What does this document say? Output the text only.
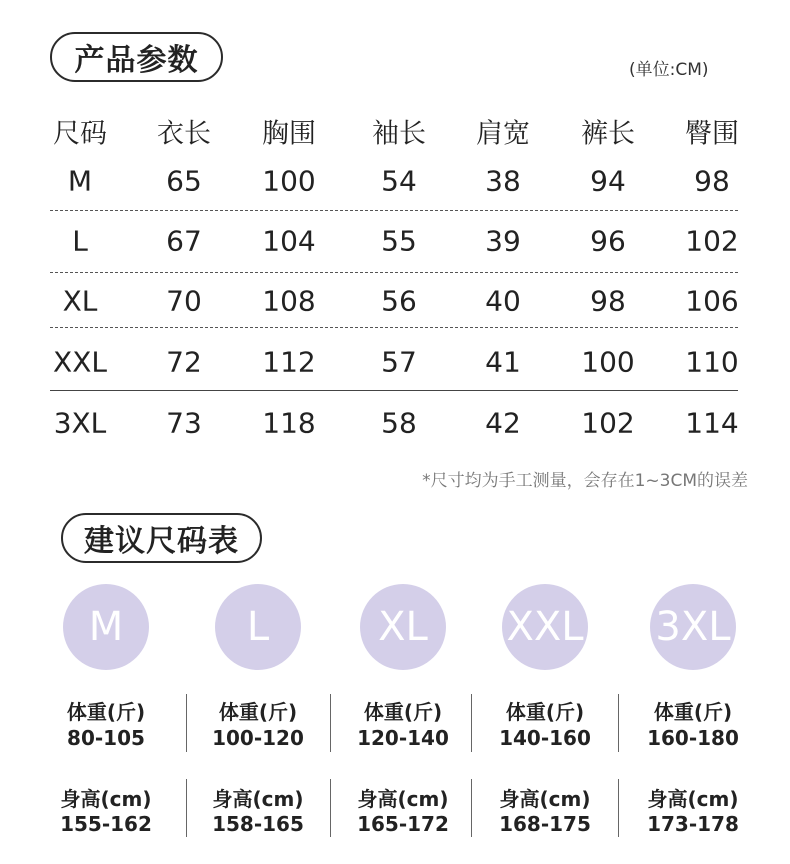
产品参数	(单位:CM)
尺码	衣长	胸围	袖长	肩宽	裤长	臀围
M	65	100	54	38	94	98
L	67	104	55	39	96	102
XL	70	108	56	40	98	106
XXL	72	112	57	41	100	110
3XL	73	118	58	42	102	114
*尺寸均为手工测量，会存在1~3CM的误差
建议尺码表
M
体重(斤)
80-105
身高(cm)
155-162
L
体重(斤)
100-120
身高(cm)
158-165
XL
体重(斤)
120-140
身高(cm)
165-172
XXL
体重(斤)
140-160
身高(cm)
168-175
3XL
体重(斤)
160-180
身高(cm)
173-178
